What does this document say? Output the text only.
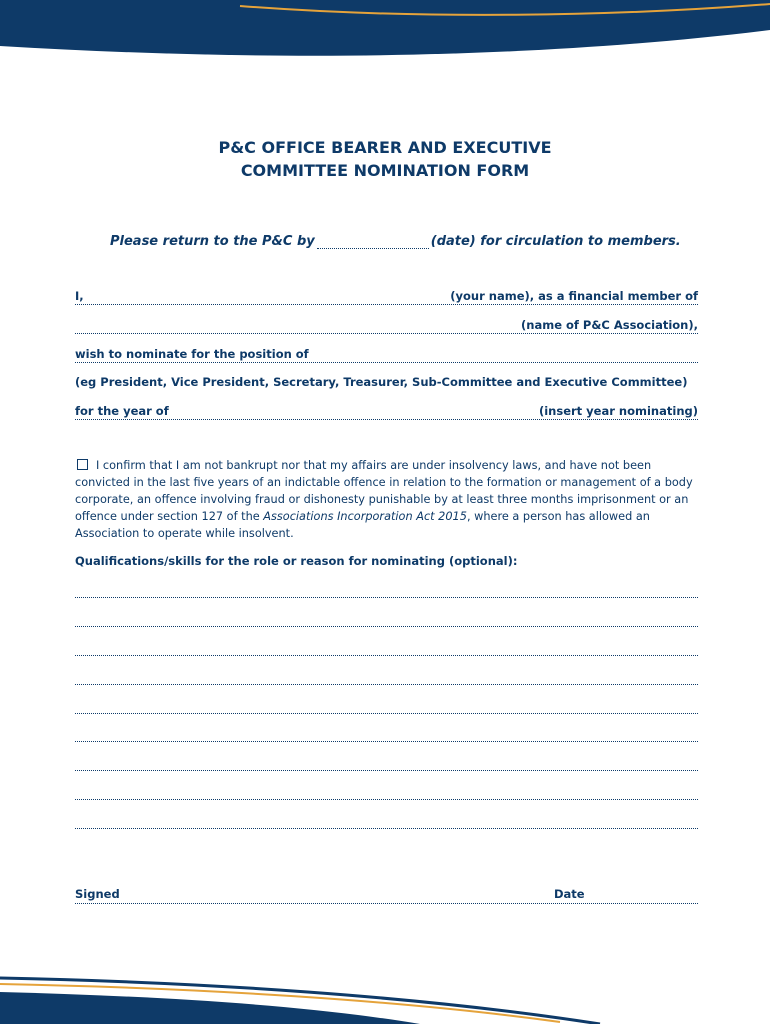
P&C OFFICE BEARER AND EXECUTIVE
COMMITTEE NOMINATION FORM
Please return to the P&C by	(date) for circulation to members.
I,	(your name), as a financial member of
(name of P&C Association),
wish to nominate for the position of
(eg President, Vice President, Secretary, Treasurer, Sub-Committee and Executive Committee)
for the year of	(insert year nominating)
I confirm that I am not bankrupt nor that my affairs are under insolvency laws, and have not been convicted in the last five years of an indictable offence in relation to the formation or management of a body corporate, an offence involving fraud or dishonesty punishable by at least three months imprisonment or an offence under section 127 of the Associations Incorporation Act 2015, where a person has allowed an Association to operate while insolvent.
Qualifications/skills for the role or reason for nominating (optional):
Signed	Date
